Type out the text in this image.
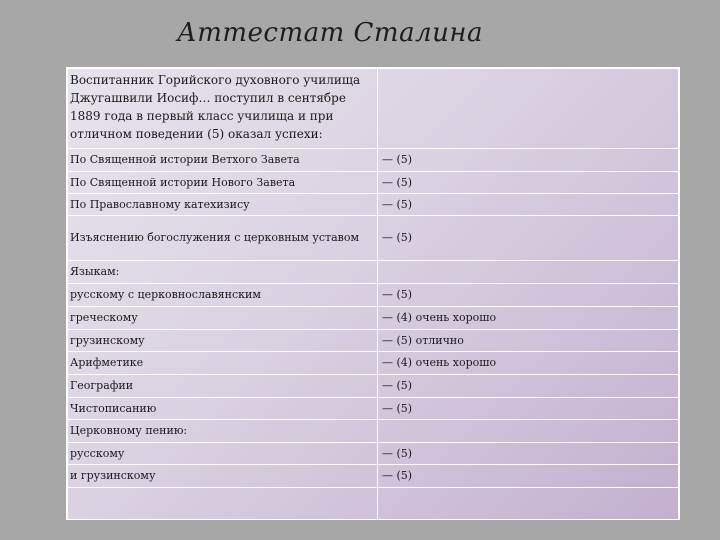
Аттестат Сталина
Воспитанник Горийского духовного училища Джугашвили Иосиф… поступил в сентябре 1889 года в первый класс училища и при отличном поведении (5) оказал успехи:	
По Священной истории Ветхого Завета	— (5)
По Священной истории Нового Завета	— (5)
По Православному катехизису	— (5)
Изъяснению богослужения с церковным уставом	— (5)
Языкам:	
русскому с церковнославянским	— (5)
греческому	— (4) очень хорошо
грузинскому	— (5) отлично
Арифметике	— (4) очень хорошо
Географии	— (5)
Чистописанию	— (5)
Церковному пению:	
русскому	— (5)
и грузинскому	— (5)
